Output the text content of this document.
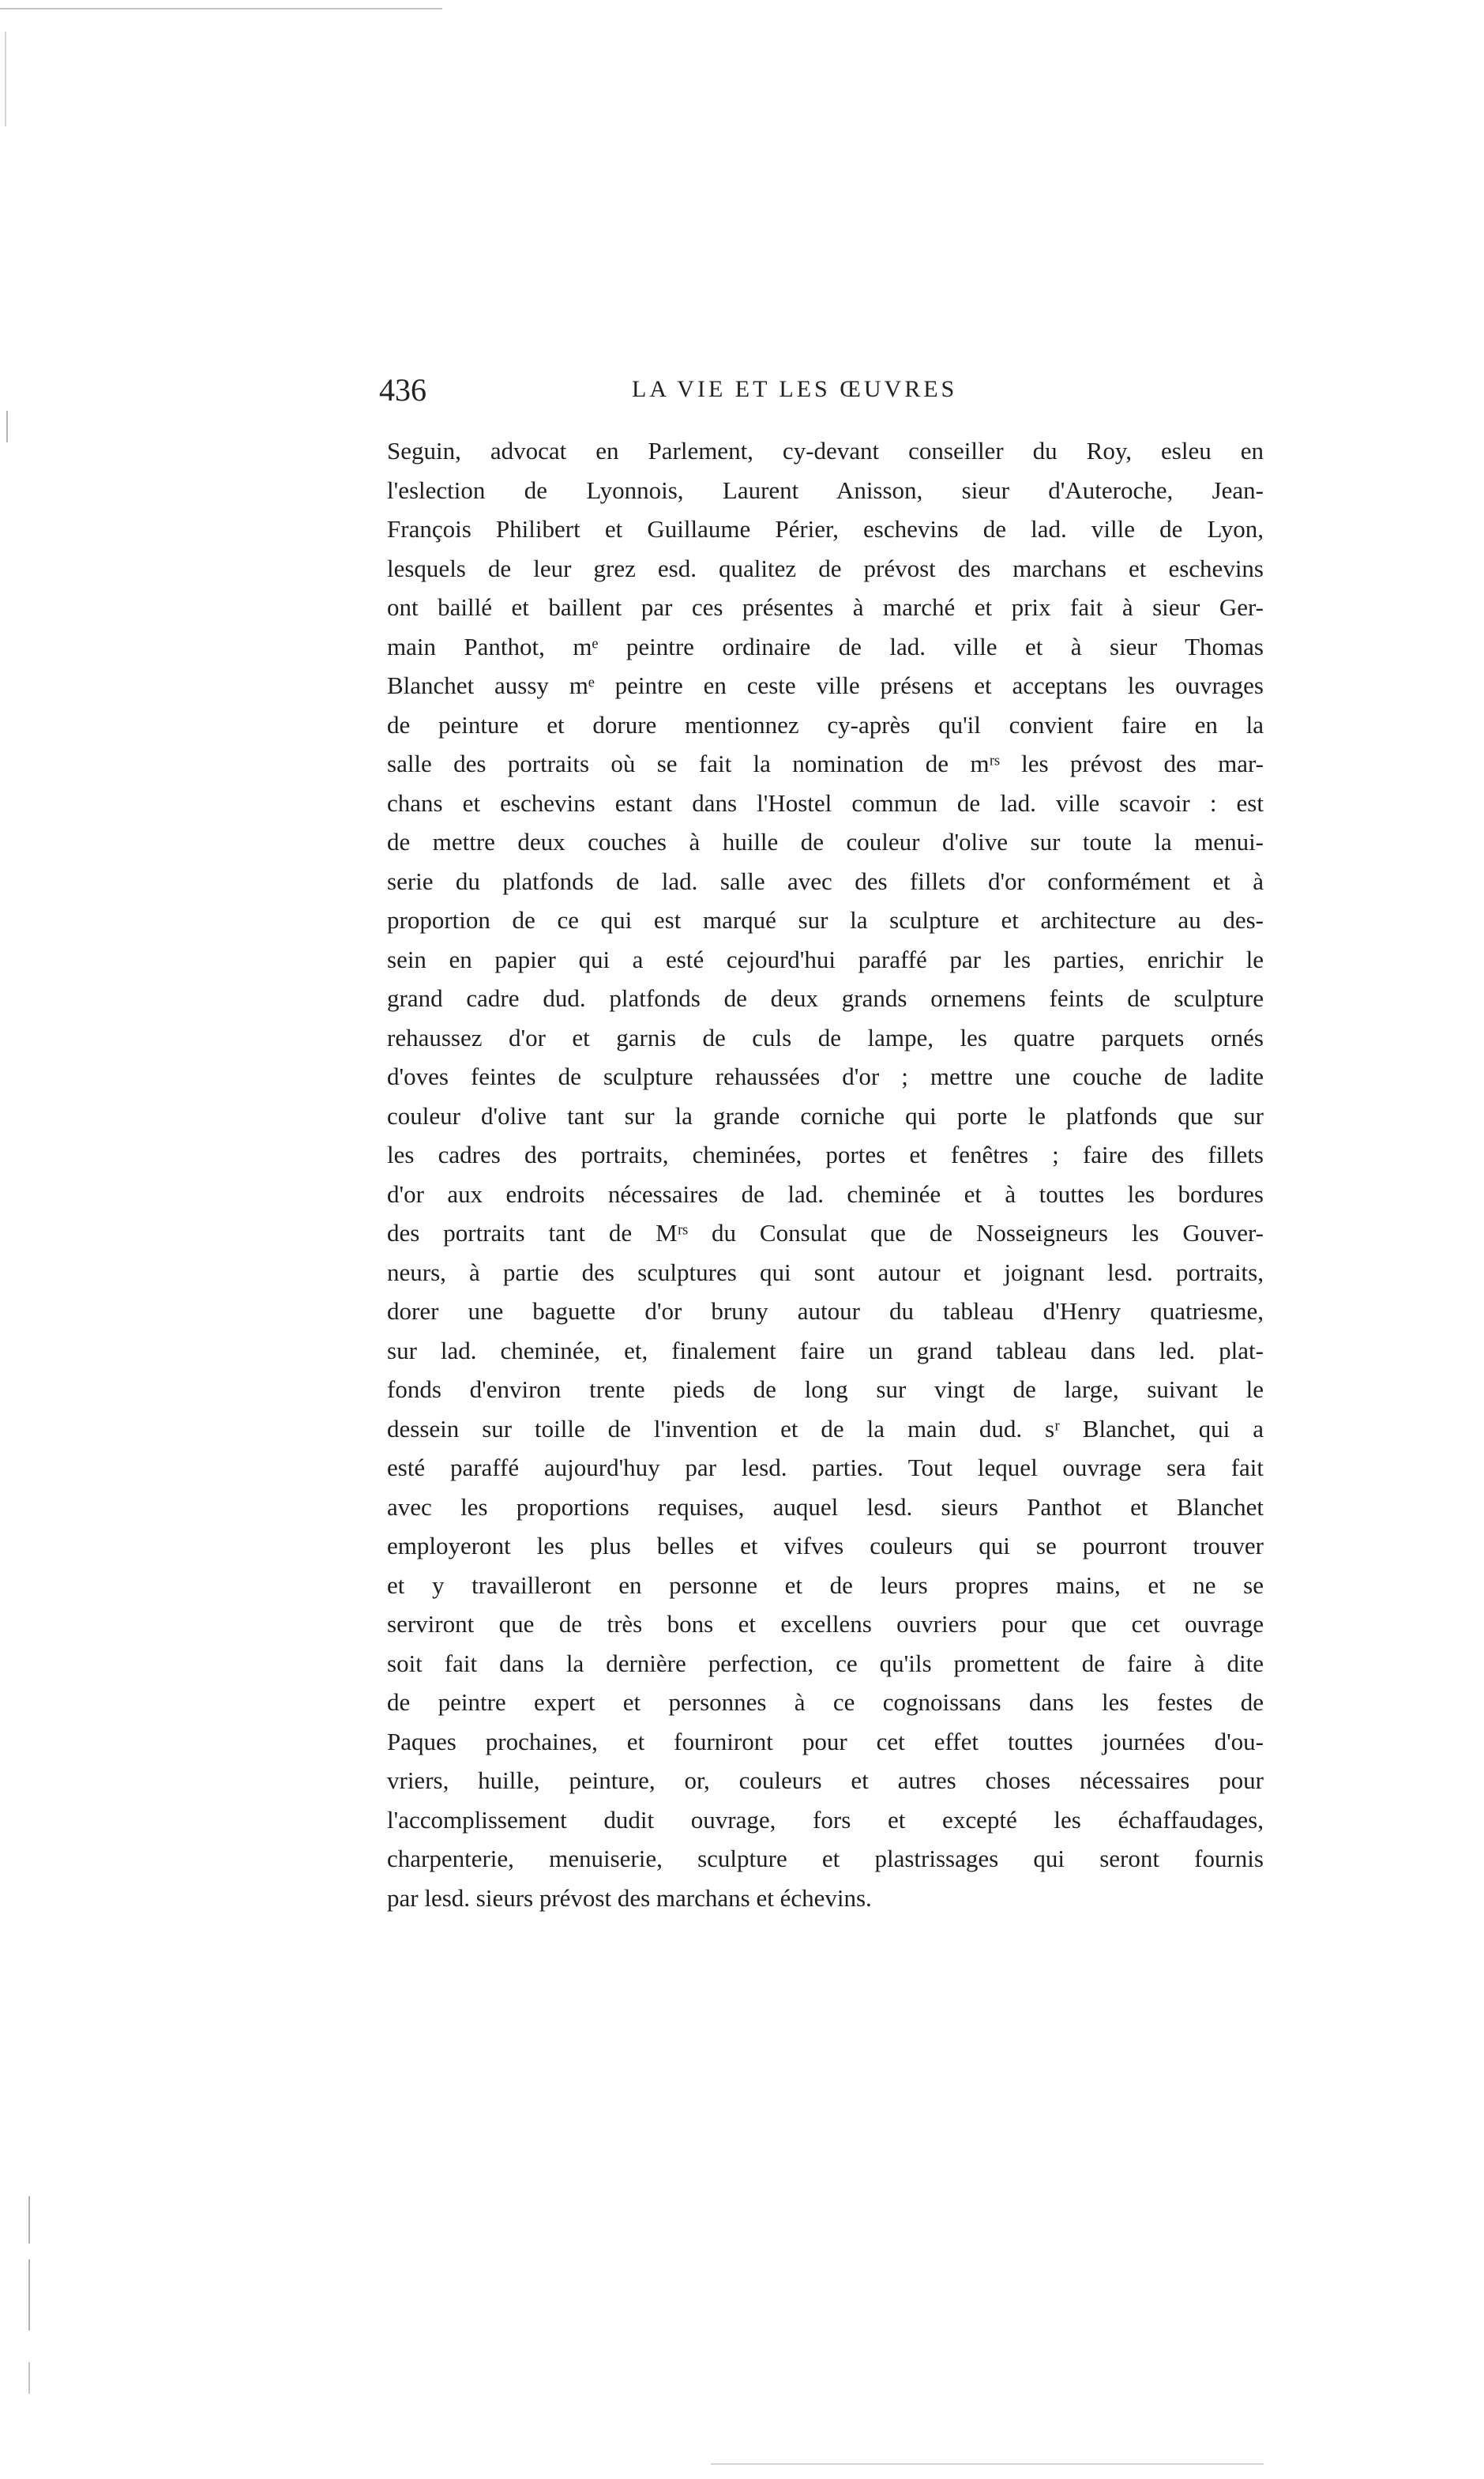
436	LA VIE ET LES ŒUVRES
Seguin, advocat en Parlement, cy-devant conseiller du Roy, esleu en
l'eslection de Lyonnois, Laurent Anisson, sieur d'Auteroche, Jean-
François Philibert et Guillaume Périer, eschevins de lad. ville de Lyon,
lesquels de leur grez esd. qualitez de prévost des marchans et eschevins
ont baillé et baillent par ces présentes à marché et prix fait à sieur Ger-
main Panthot, mᵉ peintre ordinaire de lad. ville et à sieur Thomas
Blanchet aussy mᵉ peintre en ceste ville présens et acceptans les ouvrages
de peinture et dorure mentionnez cy-après qu'il convient faire en la
salle des portraits où se fait la nomination de mʳˢ les prévost des mar-
chans et eschevins estant dans l'Hostel commun de lad. ville scavoir : est
de mettre deux couches à huille de couleur d'olive sur toute la menui-
serie du platfonds de lad. salle avec des fillets d'or conformément et à
proportion de ce qui est marqué sur la sculpture et architecture au des-
sein en papier qui a esté cejourd'hui paraffé par les parties, enrichir le
grand cadre dud. platfonds de deux grands ornemens feints de sculpture
rehaussez d'or et garnis de culs de lampe, les quatre parquets ornés
d'oves feintes de sculpture rehaussées d'or ; mettre une couche de ladite
couleur d'olive tant sur la grande corniche qui porte le platfonds que sur
les cadres des portraits, cheminées, portes et fenêtres ; faire des fillets
d'or aux endroits nécessaires de lad. cheminée et à touttes les bordures
des portraits tant de Mʳˢ du Consulat que de Nosseigneurs les Gouver-
neurs, à partie des sculptures qui sont autour et joignant lesd. portraits,
dorer une baguette d'or bruny autour du tableau d'Henry quatriesme,
sur lad. cheminée, et, finalement faire un grand tableau dans led. plat-
fonds d'environ trente pieds de long sur vingt de large, suivant le
dessein sur toille de l'invention et de la main dud. sʳ Blanchet, qui a
esté paraffé aujourd'huy par lesd. parties. Tout lequel ouvrage sera fait
avec les proportions requises, auquel lesd. sieurs Panthot et Blanchet
employeront les plus belles et vifves couleurs qui se pourront trouver
et y travailleront en personne et de leurs propres mains, et ne se
serviront que de très bons et excellens ouvriers pour que cet ouvrage
soit fait dans la dernière perfection, ce qu'ils promettent de faire à dite
de peintre expert et personnes à ce cognoissans dans les festes de
Paques prochaines, et fourniront pour cet effet touttes journées d'ou-
vriers, huille, peinture, or, couleurs et autres choses nécessaires pour
l'accomplissement dudit ouvrage, fors et excepté les échaffaudages,
charpenterie, menuiserie, sculpture et plastrissages qui seront fournis
par lesd. sieurs prévost des marchans et échevins.
